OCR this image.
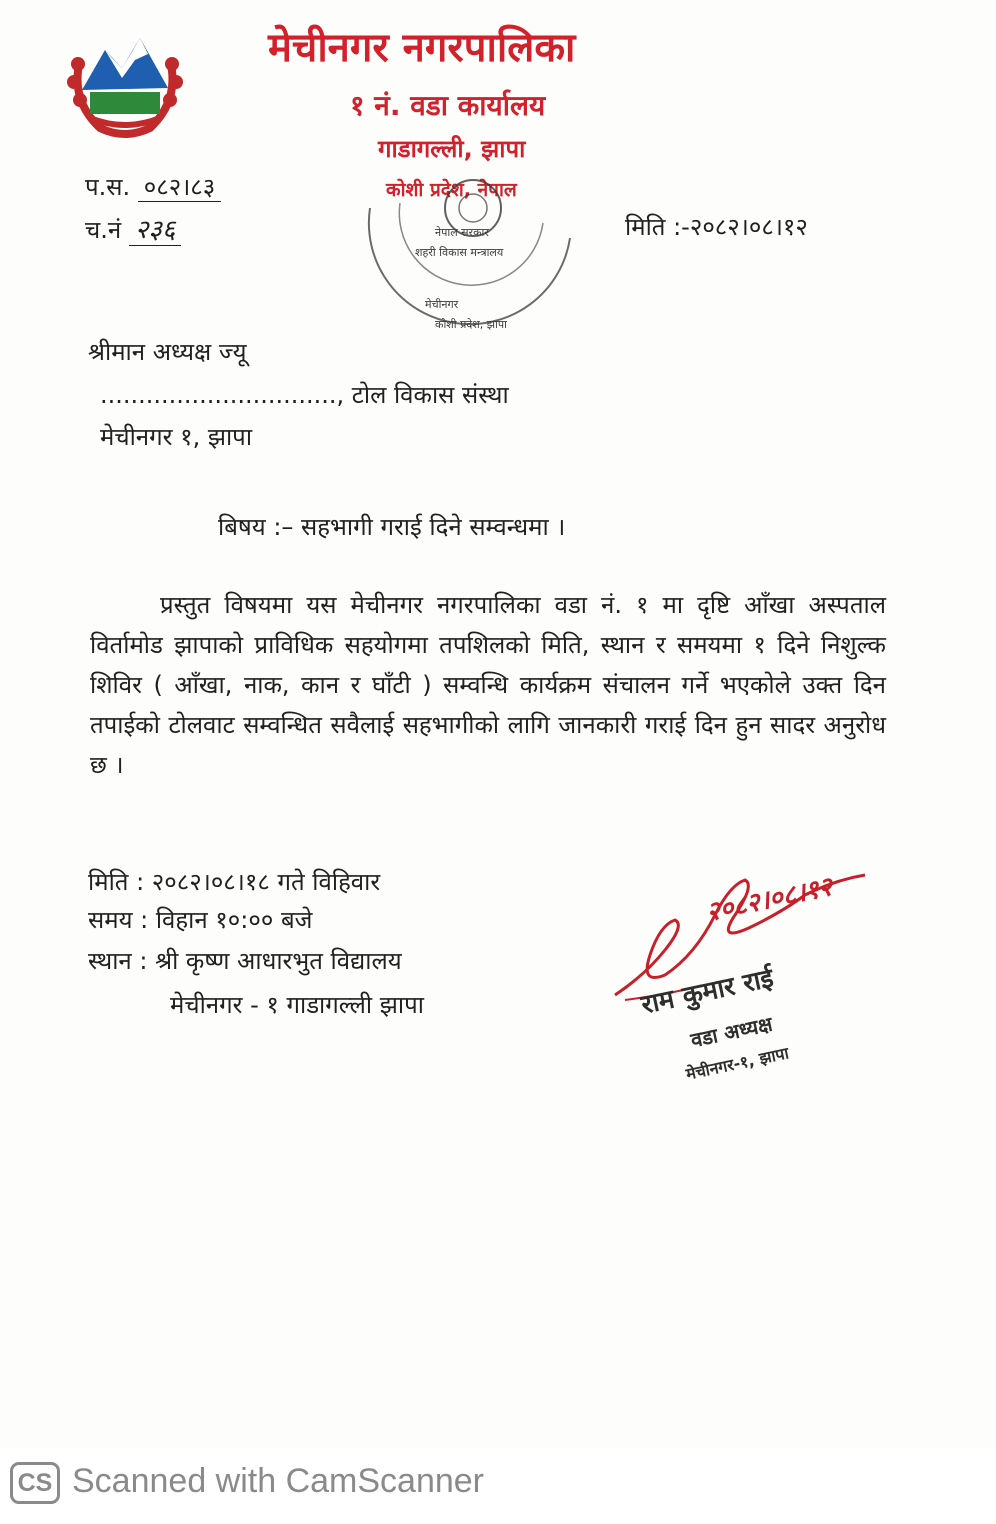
मेचीनगर नगरपालिका
१ नं. वडा कार्यालय
गाडागल्ली, झापा
कोशी प्रदेश, नेपाल
प.स. ०८२।८३
च.नं २३६	मिति :-२०८२।०८।१२
नेपाल सरकार
शहरी विकास मन्त्रालय
मेचीनगर
कोशी प्रदेश, झापा
श्रीमान अध्यक्ष ज्यू
..............................., टोल विकास संस्था
मेचीनगर १, झापा
बिषय :– सहभागी गराई दिने सम्वन्धमा ।
प्रस्तुत विषयमा यस मेचीनगर नगरपालिका वडा नं. १ मा दृष्टि आँखा अस्पताल विर्तामोड झापाको प्राविधिक सहयोगमा तपशिलको मिति, स्थान र समयमा १ दिने निशुल्क शिविर ( आँखा, नाक, कान र घाँटी ) सम्वन्धि कार्यक्रम संचालन गर्ने भएकोले उक्त दिन तपाईको टोलवाट सम्वन्धित सवैलाई सहभागीको लागि जानकारी गराई दिन हुन सादर अनुरोध छ ।
मिति : २०८२।०८।१८ गते विहिवार
समय : विहान १०:०० बजे
स्थान : श्री कृष्ण आधारभुत विद्यालय
मेचीनगर - १ गाडागल्ली झापा
२०८२।०८।१२
राम कुमार राई
वडा अध्यक्ष
मेचीनगर-१, झापा
CS Scanned with CamScanner
